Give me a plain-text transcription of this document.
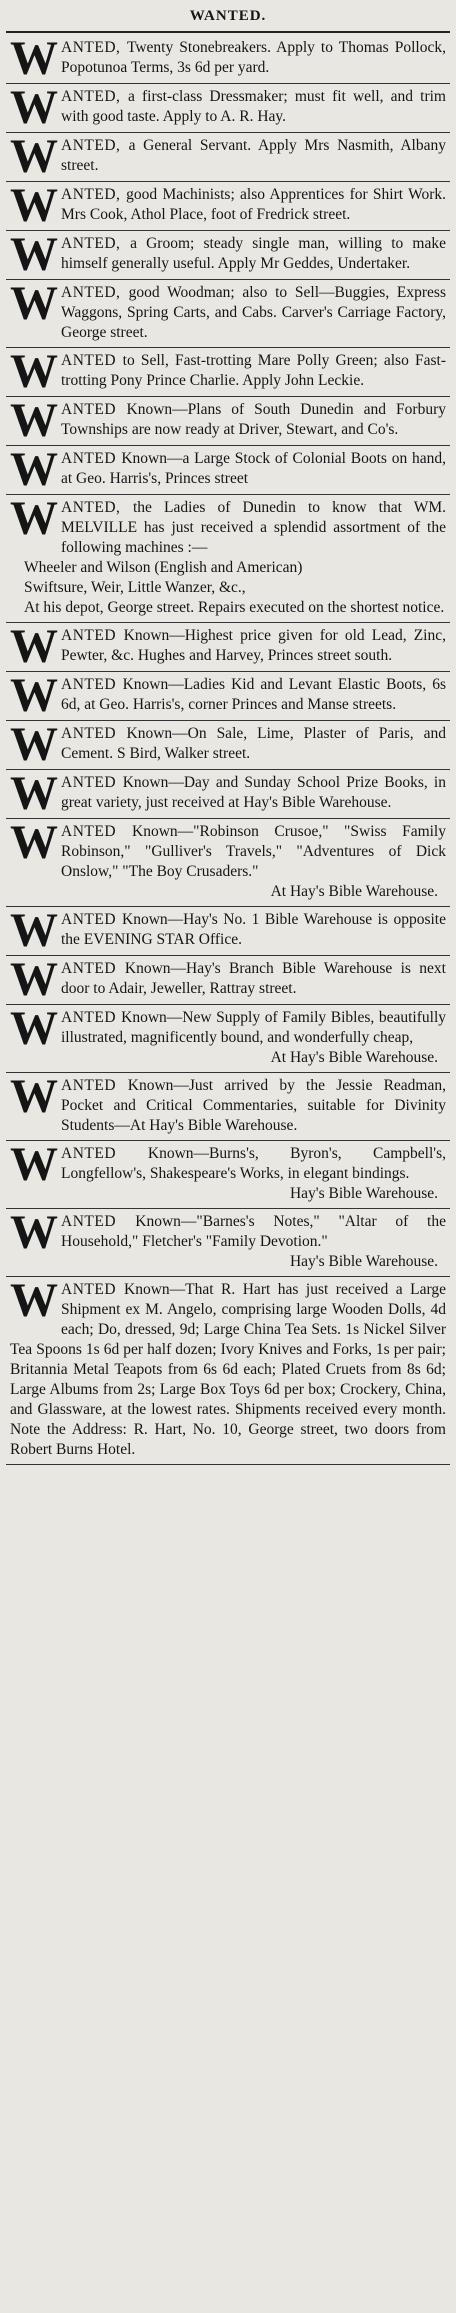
WANTED.
WANTED, Twenty Stonebreakers. Apply to Thomas Pollock, Popotunoa Terms, 3s 6d per yard.
WANTED, a first-class Dressmaker; must fit well, and trim with good taste. Apply to A. R. Hay.
WANTED, a General Servant. Apply Mrs Nasmith, Albany street.
WANTED, good Machinists; also Apprentices for Shirt Work. Mrs Cook, Athol Place, foot of Fredrick street.
WANTED, a Groom; steady single man, willing to make himself generally useful. Apply Mr Geddes, Undertaker.
WANTED, good Woodman; also to Sell—Buggies, Express Waggons, Spring Carts, and Cabs. Carver's Carriage Factory, George street.
WANTED to Sell, Fast-trotting Mare Polly Green; also Fast-trotting Pony Prince Charlie. Apply John Leckie.
WANTED Known—Plans of South Dunedin and Forbury Townships are now ready at Driver, Stewart, and Co's.
WANTED Known—a Large Stock of Colonial Boots on hand, at Geo. Harris's, Princes street
WANTED, the Ladies of Dunedin to know that WM. MELVILLE has just received a splendid assortment of the following machines :—
Wheeler and Wilson (English and American)
Swiftsure, Weir, Little Wanzer, &c.,
At his depot, George street. Repairs executed on the shortest notice.
WANTED Known—Highest price given for old Lead, Zinc, Pewter, &c. Hughes and Harvey, Princes street south.
WANTED Known—Ladies Kid and Levant Elastic Boots, 6s 6d, at Geo. Harris's, corner Princes and Manse streets.
WANTED Known—On Sale, Lime, Plaster of Paris, and Cement. S Bird, Walker street.
WANTED Known—Day and Sunday School Prize Books, in great variety, just received at Hay's Bible Warehouse.
WANTED Known—"Robinson Crusoe," "Swiss Family Robinson," "Gulliver's Travels," "Adventures of Dick Onslow," "The Boy Crusaders."
At Hay's Bible Warehouse.
WANTED Known—Hay's No. 1 Bible Warehouse is opposite the EVENING STAR Office.
WANTED Known—Hay's Branch Bible Warehouse is next door to Adair, Jeweller, Rattray street.
WANTED Known—New Supply of Family Bibles, beautifully illustrated, magnificently bound, and wonderfully cheap,
At Hay's Bible Warehouse.
WANTED Known—Just arrived by the Jessie Readman, Pocket and Critical Commentaries, suitable for Divinity Students—At Hay's Bible Warehouse.
WANTED Known—Burns's, Byron's, Campbell's, Longfellow's, Shakespeare's Works, in elegant bindings.
Hay's Bible Warehouse.
WANTED Known—"Barnes's Notes," "Altar of the Household," Fletcher's "Family Devotion."
Hay's Bible Warehouse.
WANTED Known—That R. Hart has just received a Large Shipment ex M. Angelo, comprising large Wooden Dolls, 4d each; Do, dressed, 9d; Large China Tea Sets. 1s Nickel Silver Tea Spoons 1s 6d per half dozen; Ivory Knives and Forks, 1s per pair; Britannia Metal Teapots from 6s 6d each; Plated Cruets from 8s 6d; Large Albums from 2s; Large Box Toys 6d per box; Crockery, China, and Glassware, at the lowest rates. Shipments received every month. Note the Address: R. Hart, No. 10, George street, two doors from Robert Burns Hotel.
